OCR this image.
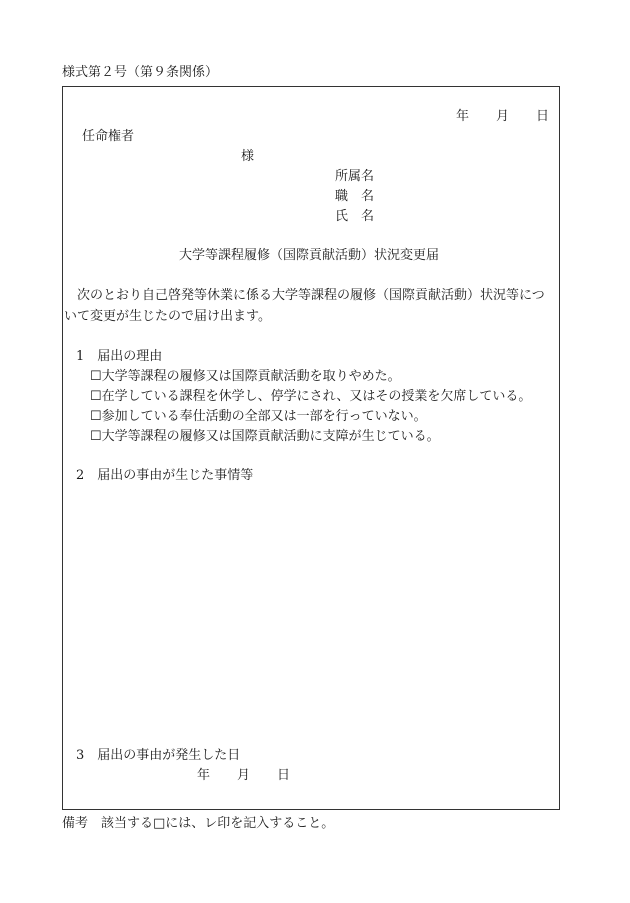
様式第２号（第９条関係）
年 月 日
任命権者
様
所属名
職　名
氏　名
大学等課程履修（国際貢献活動）状況変更届
次のとおり自己啓発等休業に係る大学等課程の履修（国際貢献活動）状況等について変更が生じたので届け出ます。
1　届出の理由
☐大学等課程の履修又は国際貢献活動を取りやめた。
☐在学している課程を休学し、停学にされ、又はその授業を欠席している。
☐参加している奉仕活動の全部又は一部を行っていない。
☐大学等課程の履修又は国際貢献活動に支障が生じている。
2　届出の事由が生じた事情等
3　届出の事由が発生した日
年 月 日
備考　該当する□には、レ印を記入すること。
